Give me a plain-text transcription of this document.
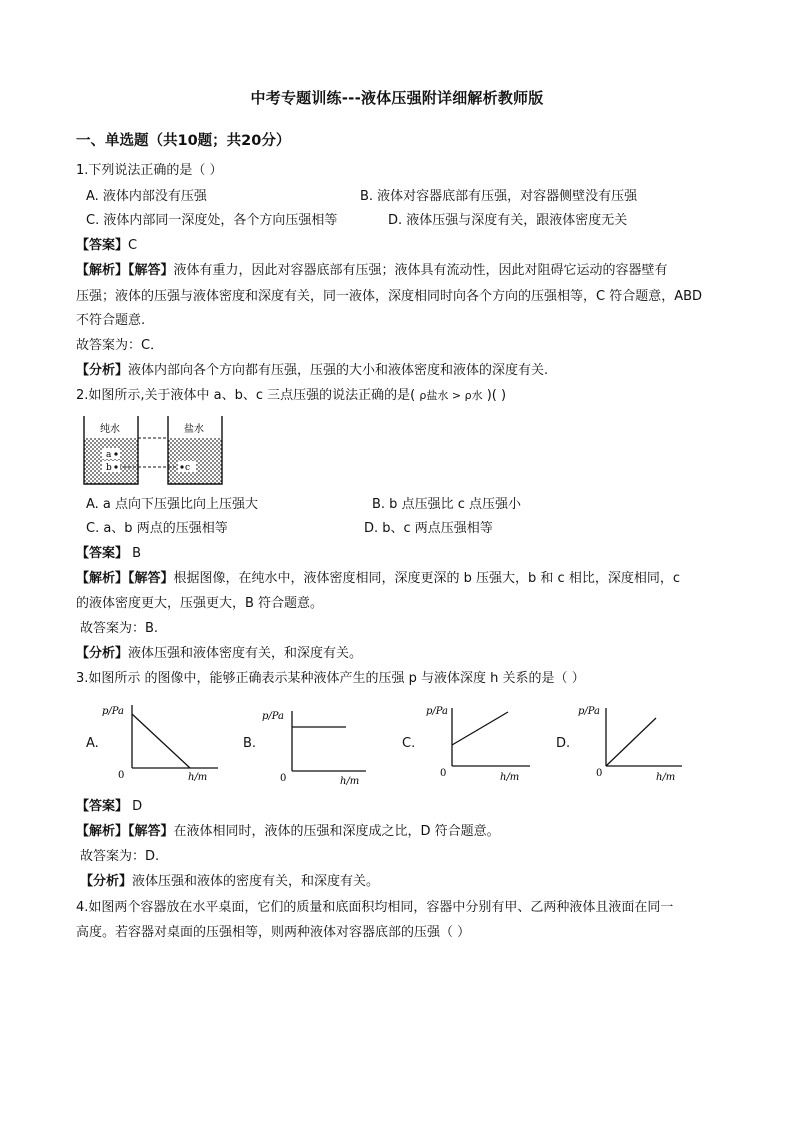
中考专题训练---液体压强附详细解析教师版
一、单选题（共10题；共20分）
1.下列说法正确的是（ ）
A. 液体内部没有压强	B. 液体对容器底部有压强，对容器侧壁没有压强
C. 液体内部同一深度处，各个方向压强相等	D. 液体压强与深度有关，跟液体密度无关
【答案】C
【解析】【解答】液体有重力，因此对容器底部有压强；液体具有流动性，因此对阻碍它运动的容器壁有
压强；液体的压强与液体密度和深度有关，同一液体，深度相同时向各个方向的压强相等，C 符合题意，ABD
不符合题意.
故答案为：C．
【分析】液体内部向各个方向都有压强，压强的大小和液体密度和液体的深度有关.
2.如图所示,关于液体中 a、b、c 三点压强的说法正确的是( ρ盐水 > ρ水 )( )
纯水	盐水
a
b	c
A. a 点向下压强比向上压强大	B. b 点压强比 c 点压强小
C. a、b 两点的压强相等	D. b、c 两点压强相等
【答案】 B
【解析】【解答】根据图像，在纯水中，液体密度相同，深度更深的 b 压强大，b 和 c 相比，深度相同，c
的液体密度更大，压强更大，B 符合题意。
故答案为：B.
【分析】液体压强和液体密度有关，和深度有关。
3.如图所示 的图像中，能够正确表示某种液体产生的压强 p 与液体深度 h 关系的是（ ）
A.
p/Pa
0	h/m
B.
p/Pa
0	h/m
C.
p/Pa
0	h/m
D.
p/Pa
0	h/m
【答案】 D
【解析】【解答】在液体相同时，液体的压强和深度成之比，D 符合题意。
故答案为：D.
【分析】液体压强和液体的密度有关，和深度有关。
4.如图两个容器放在水平桌面，它们的质量和底面积均相同，容器中分别有甲、乙两种液体且液面在同一
高度。若容器对桌面的压强相等，则两种液体对容器底部的压强（ ）
